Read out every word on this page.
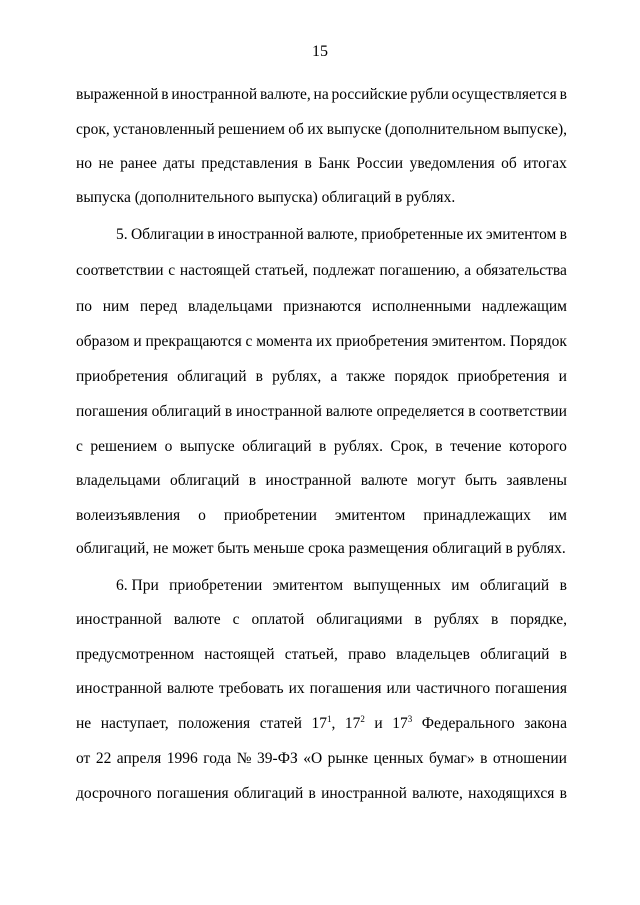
15
выраженной в иностранной валюте, на российские рубли осуществляется в
срок, установленный решением об их выпуске (дополнительном выпуске),
но не ранее даты представления в Банк России уведомления об итогах
выпуска (дополнительного выпуска) облигаций в рублях.
5. Облигации в иностранной валюте, приобретенные их эмитентом в
соответствии с настоящей статьей, подлежат погашению, а обязательства
по ним перед владельцами признаются исполненными надлежащим
образом и прекращаются с момента их приобретения эмитентом. Порядок
приобретения облигаций в рублях, а также порядок приобретения и
погашения облигаций в иностранной валюте определяется в соответствии
с решением о выпуске облигаций в рублях. Срок, в течение которого
владельцами облигаций в иностранной валюте могут быть заявлены
волеизъявления о приобретении эмитентом принадлежащих им
облигаций, не может быть меньше срока размещения облигаций в рублях.
6. При приобретении эмитентом выпущенных им облигаций в
иностранной валюте с оплатой облигациями в рублях в порядке,
предусмотренном настоящей статьей, право владельцев облигаций в
иностранной валюте требовать их погашения или частичного погашения
не наступает, положения статей $17^1$, $17^2$ и $17^3$ Федерального закона
от 22 апреля 1996 года № 39-ФЗ «О рынке ценных бумаг» в отношении
досрочного погашения облигаций в иностранной валюте, находящихся в
